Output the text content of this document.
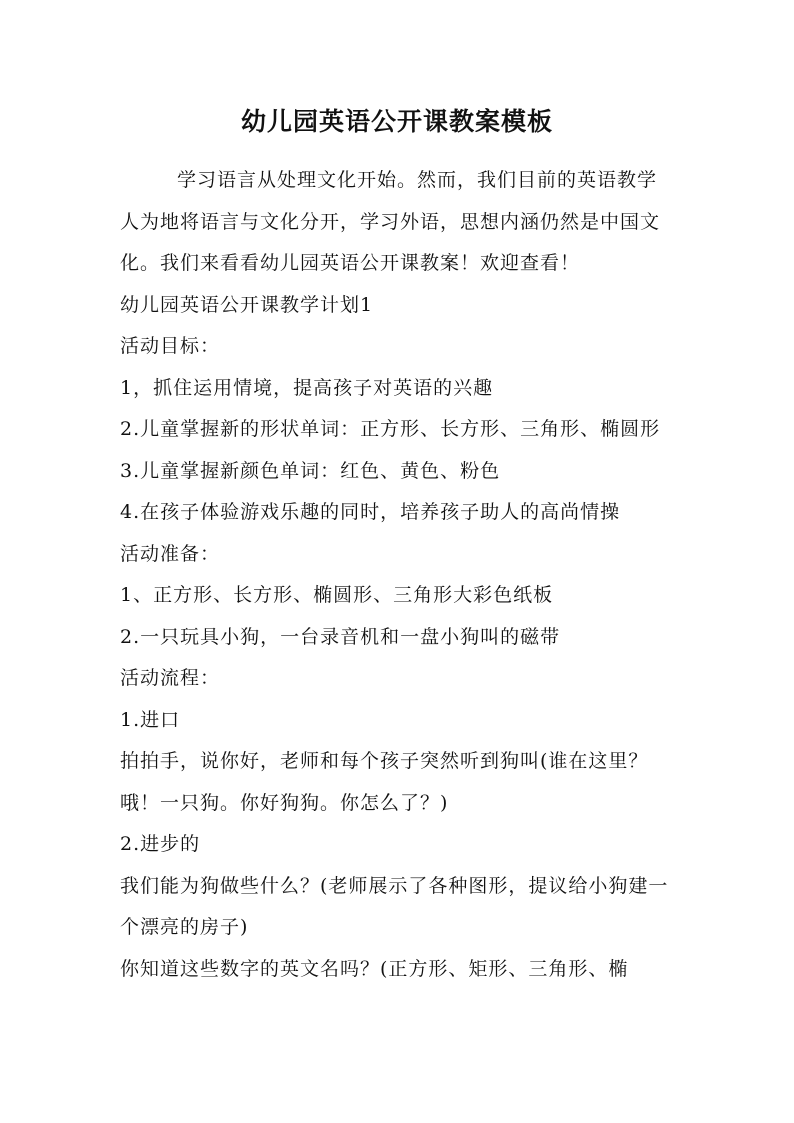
幼儿园英语公开课教案模板

学习语言从处理文化开始。然而，我们目前的英语教学人为地将语言与文化分开，学习外语，思想内涵仍然是中国文化。我们来看看幼儿园英语公开课教案！欢迎查看！

幼儿园英语公开课教学计划1

活动目标：

1，抓住运用情境，提高孩子对英语的兴趣

2.儿童掌握新的形状单词：正方形、长方形、三角形、椭圆形

3.儿童掌握新颜色单词：红色、黄色、粉色

4.在孩子体验游戏乐趣的同时，培养孩子助人的高尚情操

活动准备：

1、正方形、长方形、椭圆形、三角形大彩色纸板

2.一只玩具小狗，一台录音机和一盘小狗叫的磁带

活动流程：

1.进口

拍拍手，说你好，老师和每个孩子突然听到狗叫(谁在这里？哦！一只狗。你好狗狗。你怎么了？)

2.进步的

我们能为狗做些什么？(老师展示了各种图形，提议给小狗建一个漂亮的房子)

你知道这些数字的英文名吗？(正方形、矩形、三角形、椭
